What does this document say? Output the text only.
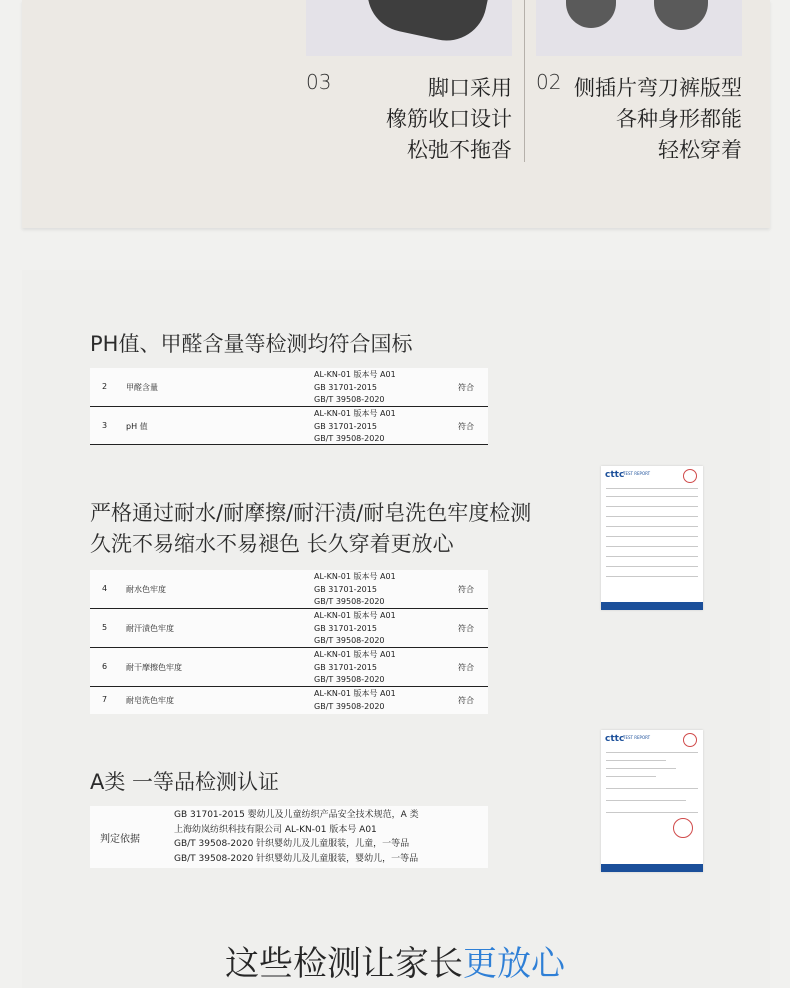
03	脚口采用
橡筋收口设计
松弛不拖沓
02 侧插片弯刀裤版型
各种身形都能
轻松穿着
PH值、甲醛含量等检测均符合国标
2 甲醛含量
AL-KN-01 版本号 A01
GB 31701-2015
GB/T 39508-2020
符合
3 pH 值
AL-KN-01 版本号 A01
GB 31701-2015
GB/T 39508-2020
符合
严格通过耐水/耐摩擦/耐汗渍/耐皂洗色牢度检测
久洗不易缩水不易褪色 长久穿着更放心
4 耐水色牢度
AL-KN-01 版本号 A01
GB 31701-2015
GB/T 39508-2020
符合
5 耐汗渍色牢度
AL-KN-01 版本号 A01
GB 31701-2015
GB/T 39508-2020
符合
6 耐干摩擦色牢度
AL-KN-01 版本号 A01
GB 31701-2015
GB/T 39508-2020
符合
7 耐皂洗色牢度
AL-KN-01 版本号 A01
GB/T 39508-2020
符合
A类 一等品检测认证
判定依据
GB 31701-2015 婴幼儿及儿童纺织产品安全技术规范，A 类
上海幼岚纺织科技有限公司 AL-KN-01 版本号 A01
GB/T 39508-2020 针织婴幼儿及儿童服装，儿童，一等品
GB/T 39508-2020 针织婴幼儿及儿童服装，婴幼儿，一等品
cttc
TEST REPORT
cttc
TEST REPORT
这些检测让家长更放心
